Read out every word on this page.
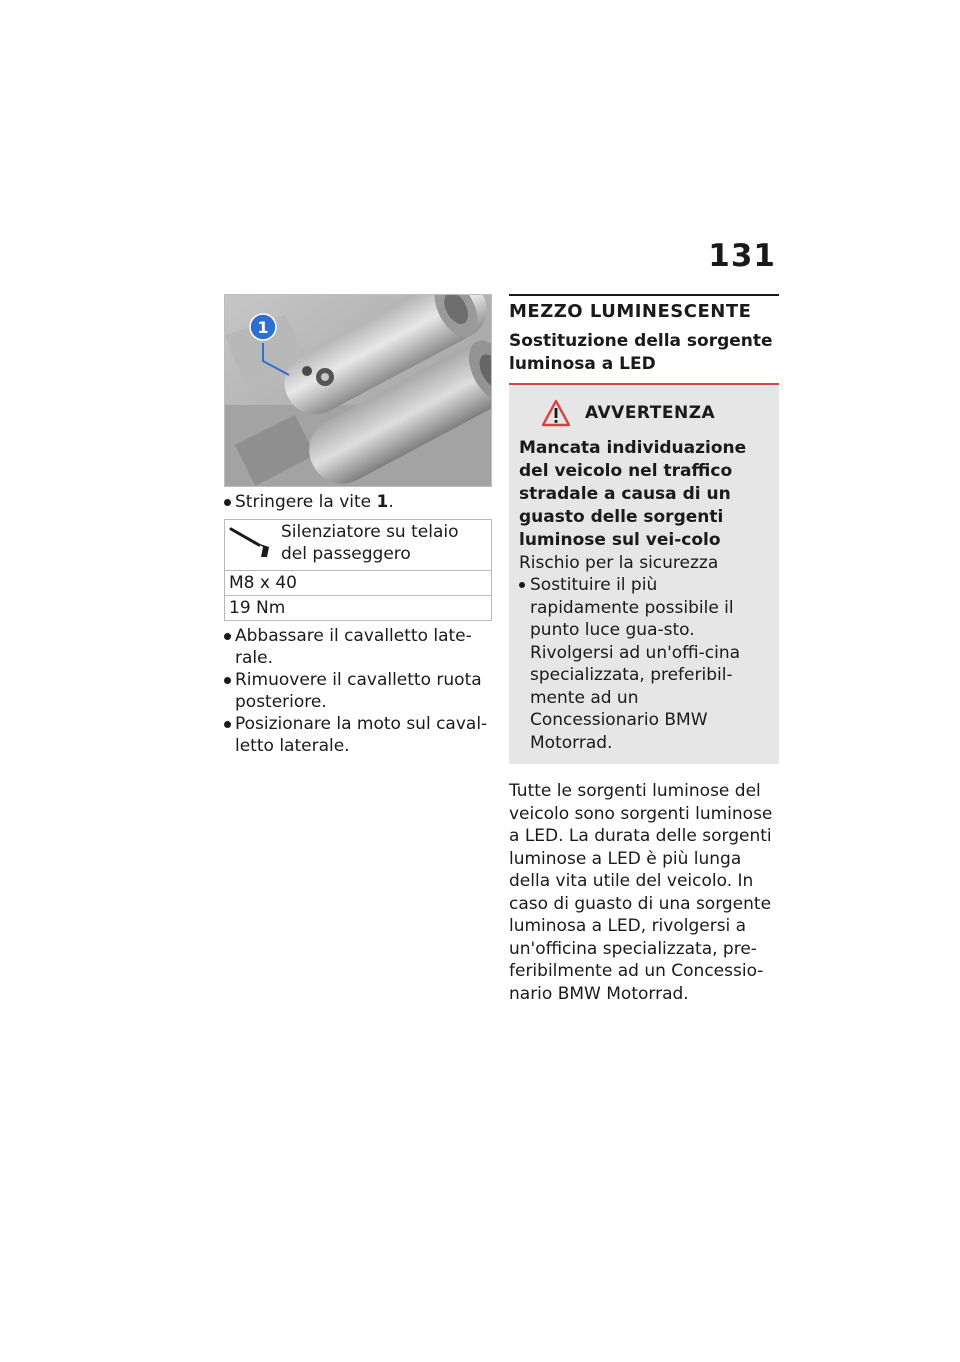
131
1
Stringere la vite 1.
Silenziatore su telaio del passeggero
M8 x 40
19 Nm
Abbassare il cavalletto late-rale.
Rimuovere il cavalletto ruota posteriore.
Posizionare la moto sul caval-letto laterale.
MEZZO LUMINESCENTE
Sostituzione della sorgente luminosa a LED
AVVERTENZA
Mancata individuazione del veicolo nel traffico stradale a causa di un guasto delle sorgenti luminose sul vei-colo
Rischio per la sicurezza
Sostituire il più rapidamente possibile il punto luce gua-sto. Rivolgersi ad un'offi-cina specializzata, preferibil-mente ad un Concessionario BMW Motorrad.
Tutte le sorgenti luminose del veicolo sono sorgenti luminose a LED. La durata delle sorgenti luminose a LED è più lunga della vita utile del veicolo. In caso di guasto di una sorgente luminosa a LED, rivolgersi a un'officina specializzata, pre-feribilmente ad un Concessio-nario BMW Motorrad.
